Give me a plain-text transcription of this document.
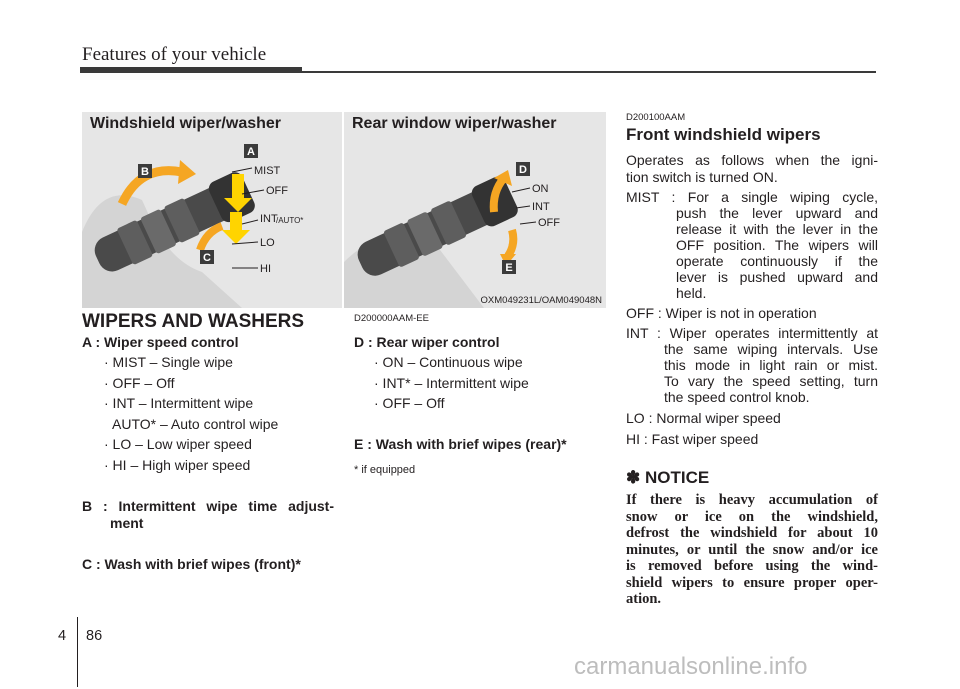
Features of your vehicle
A
B
C
MIST
OFF
INT
/AUTO*
LO
HI
Windshield wiper/washer
D
E
ON
INT
OFF
Rear window wiper/washer
OXM049231L/OAM049048N
WIPERS AND WASHERS
A : Wiper speed control
· MIST – Single wipe
· OFF – Off
· INT – Intermittent wipe
AUTO* – Auto control wipe
· LO – Low wiper speed
· HI – High wiper speed
B : Intermittent wipe time adjust-
ment
C : Wash with brief wipes (front)*
D200000AAM-EE
D : Rear wiper control
· ON – Continuous wipe
· INT* – Intermittent wipe
· OFF – Off
E : Wash with brief wipes (rear)*
* if equipped
D200100AAM
Front windshield wipers
Operates as follows when the igni-
tion switch is turned ON.
MIST : For a single wiping cycle,
push the lever upward and
release it with the lever in the
OFF position. The wipers will
operate continuously if the
lever is pushed upward and
held.
OFF : Wiper is not in operation
INT : Wiper operates intermittently at
the same wiping intervals. Use
this mode in light rain or mist.
To vary the speed setting, turn
the speed control knob.
LO : Normal wiper speed
HI : Fast wiper speed
✽ NOTICE
If there is heavy accumulation of
snow or ice on the windshield,
defrost the windshield for about 10
minutes, or until the snow and/or ice
is removed before using the wind-
shield wipers to ensure proper oper-
ation.
4 86
carmanualsonline.info
